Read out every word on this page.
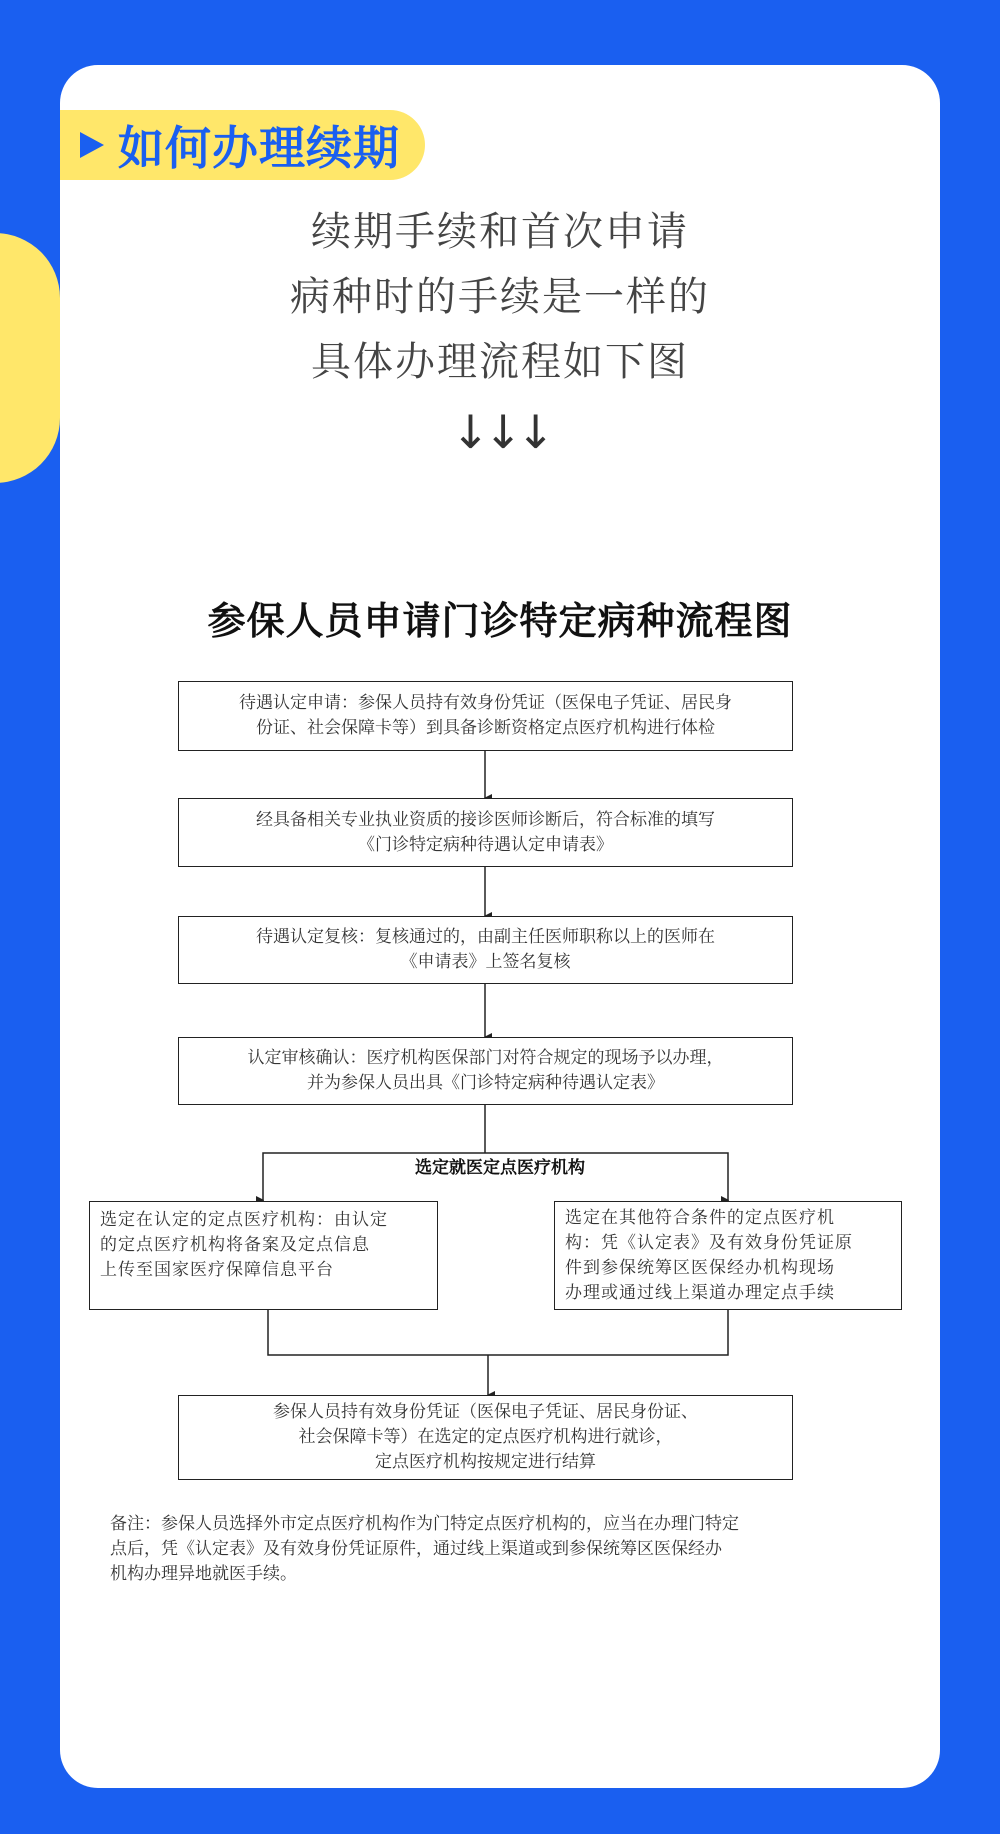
如何办理续期
续期手续和首次申请
病种时的手续是一样的
具体办理流程如下图
↓↓↓
参保人员申请门诊特定病种流程图
待遇认定申请：参保人员持有效身份凭证（医保电子凭证、居民身
份证、社会保障卡等）到具备诊断资格定点医疗机构进行体检
经具备相关专业执业资质的接诊医师诊断后，符合标准的填写
《门诊特定病种待遇认定申请表》
待遇认定复核：复核通过的，由副主任医师职称以上的医师在
《申请表》上签名复核
认定审核确认：医疗机构医保部门对符合规定的现场予以办理，
并为参保人员出具《门诊特定病种待遇认定表》
选定就医定点医疗机构
选定在认定的定点医疗机构：由认定
的定点医疗机构将备案及定点信息
上传至国家医疗保障信息平台
选定在其他符合条件的定点医疗机
构：凭《认定表》及有效身份凭证原
件到参保统筹区医保经办机构现场
办理或通过线上渠道办理定点手续
参保人员持有效身份凭证（医保电子凭证、居民身份证、
社会保障卡等）在选定的定点医疗机构进行就诊，
定点医疗机构按规定进行结算
备注：参保人员选择外市定点医疗机构作为门特定点医疗机构的，应当在办理门特定
点后，凭《认定表》及有效身份凭证原件，通过线上渠道或到参保统筹区医保经办
机构办理异地就医手续。
